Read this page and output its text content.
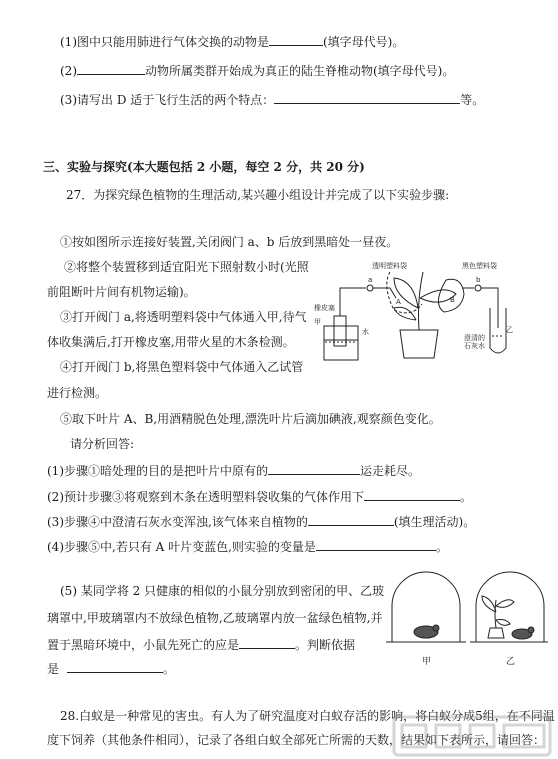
(1)图中只能用肺进行气体交换的动物是	(填字母代号)。
(2)	动物所属类群开始成为真正的陆生脊椎动物(填字母代号)。
(3)请写出 D 适于飞行生活的两个特点：	等。
三、实验与探究(本大题包括 2 小题，每空 2 分，共 20 分)
27．为探究绿色植物的生理活动,某兴趣小组设计并完成了以下实验步骤:
①按如图所示连接好装置,关闭阀门 a、b 后放到黑暗处一昼夜。
②将整个装置移到适宜阳光下照射数小时(光照
前阻断叶片间有机物运输)。
③打开阀门 a,将透明塑料袋中气体通入甲,待气
体收集满后,打开橡皮塞,用带火星的木条检测。
④打开阀门 b,将黑色塑料袋中气体通入乙试管
进行检测。
⑤取下叶片 A、B,用酒精脱色处理,漂洗叶片后滴加碘液,观察颜色变化。
请分析回答:
(1)步骤①暗处理的目的是把叶片中原有的	运走耗尽。
(2)预计步骤③将观察到木条在透明塑料袋收集的气体作用下	。
(3)步骤④中澄清石灰水变浑浊,该气体来自植物的	(填生理活动)。
(4)步骤⑤中,若只有 A 叶片变蓝色,则实验的变量是	。
(5) 某同学将 2 只健康的相似的小鼠分别放到密闭的甲、乙玻
璃罩中,甲玻璃罩内不放绿色植物,乙玻璃罩内放一盆绿色植物,并
置于黑暗环境中，小鼠先死亡的应是	。判断依据
是	。
28.白蚁是一种常见的害虫。有人为了研究温度对白蚁存活的影响，将白蚁分成5组，在不同温
度下饲养（其他条件相同），记录了各组白蚁全部死亡所需的天数，结果如下表所示，请回答：
透明塑料袋	黑色塑料袋
a	b
A	B
橡皮塞
甲
水
澄清的石灰水
乙
甲	乙
